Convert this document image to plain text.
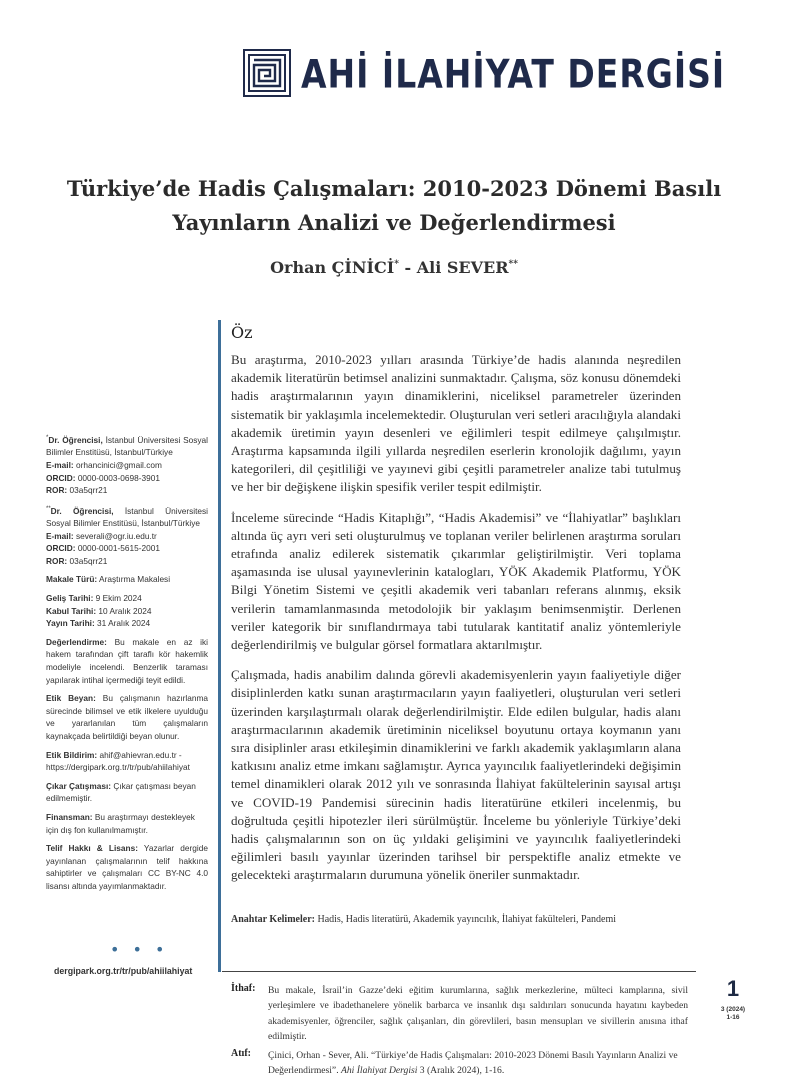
AHİ İLAHİYAT DERGİSİ
Türkiye’de Hadis Çalışmaları: 2010-2023 Dönemi Basılı Yayınların Analizi ve Değerlendirmesi
Orhan ÇİNİCİ* - Ali SEVER**

*Dr. Öğrencisi, İstanbul Üniversitesi Sosyal Bilimler Enstitüsü, İstanbul/Türkiye
E-mail: orhancinici@gmail.com
ORCID: 0000-0003-0698-3901
ROR: 03a5qrr21

**Dr. Öğrencisi, İstanbul Üniversitesi Sosyal Bilimler Enstitüsü, İstanbul/Türkiye
E-mail: severali@ogr.iu.edu.tr
ORCID: 0000-0001-5615-2001
ROR: 03a5qrr21

Makale Türü: Araştırma Makalesi

Geliş Tarihi: 9 Ekim 2024
Kabul Tarihi: 10 Aralık 2024
Yayın Tarihi: 31 Aralık 2024

Değerlendirme: Bu makale en az iki hakem tarafından çift taraflı kör hakemlik modeliyle incelendi. Benzerlik taraması yapılarak intihal içermediği teyit edildi.

Etik Beyan: Bu çalışmanın hazırlanma sürecinde bilimsel ve etik ilkelere uyulduğu ve yararlanılan tüm çalışmaların kaynakçada belirtildiği beyan olunur.

Etik Bildirim: ahif@ahievran.edu.tr - https://dergipark.org.tr/tr/pub/ahiilahiyat

Çıkar Çatışması: Çıkar çatışması beyan edilmemiştir.

Finansman: Bu araştırmayı destekleyek için dış fon kullanılmamıştır.

Telif Hakkı & Lisans: Yazarlar dergide yayınlanan çalışmalarının telif hakkına sahiptirler ve çalışmaları CC BY-NC 4.0 lisansı altında yayımlanmaktadır.

• • •
dergipark.org.tr/tr/pub/ahiilahiyat
Öz

Bu araştırma, 2010-2023 yılları arasında Türkiye’de hadis alanında neşredilen akademik literatürün betimsel analizini sunmaktadır. Çalışma, söz konusu dönemdeki hadis araştırmalarının yayın dinamiklerini, niceliksel parametreler üzerinden sistematik bir yaklaşımla incelemektedir. Oluşturulan veri setleri aracılığıyla alandaki akademik üretimin yayın desenleri ve eğilimleri tespit edilmeye çalışılmıştır. Araştırma kapsamında ilgili yıllarda neşredilen eserlerin kronolojik dağılımı, yayın kategorileri, dil çeşitliliği ve yayınevi gibi çeşitli parametreler analize tabi tutulmuş ve her bir değişkene ilişkin spesifik veriler tespit edilmiştir.

İnceleme sürecinde “Hadis Kitaplığı”, “Hadis Akademisi” ve “İlahiyatlar” başlıkları altında üç ayrı veri seti oluşturulmuş ve toplanan veriler belirlenen araştırma soruları etrafında analiz edilerek sistematik çıkarımlar geliştirilmiştir. Veri toplama aşamasında ise ulusal yayınevlerinin katalogları, YÖK Akademik Platformu, YÖK Bilgi Yönetim Sistemi ve çeşitli akademik veri tabanları referans alınmış, eksik verilerin tamamlanmasında metodolojik bir yaklaşım benimsenmiştir. Derlenen veriler kategorik bir sınıflandırmaya tabi tutularak kantitatif analiz yöntemleriyle değerlendirilmiş ve bulgular görsel formatlara aktarılmıştır.

Çalışmada, hadis anabilim dalında görevli akademisyenlerin yayın faaliyetiyle diğer disiplinlerden katkı sunan araştırmacıların yayın faaliyetleri, oluşturulan veri setleri üzerinden karşılaştırmalı olarak değerlendirilmiştir. Elde edilen bulgular, hadis alanı araştırmacılarının akademik üretiminin niceliksel boyutunu ortaya koymanın yanı sıra disiplinler arası etkileşimin dinamiklerini ve farklı akademik yaklaşımların alana katkısını analiz etme imkanı sağlamıştır. Ayrıca yayıncılık faaliyetlerindeki değişimin temel dinamikleri olarak 2012 yılı ve sonrasında İlahiyat fakültelerinin sayısal artışı ve COVID-19 Pandemisi sürecinin hadis literatürüne etkileri incelenmiş, bu doğrultuda çeşitli hipotezler ileri sürülmüştür. İnceleme bu yönleriyle Türkiye’deki hadis çalışmalarının son on üç yıldaki gelişimini ve yayıncılık faaliyetlerindeki eğilimleri basılı yayınlar üzerinden tarihsel bir perspektifle analiz etmekte ve gelecekteki araştırmaların durumuna yönelik öneriler sunmaktadır.

Anahtar Kelimeler: Hadis, Hadis literatürü, Akademik yayıncılık, İlahiyat fakülteleri, Pandemi
İthaf: Bu makale, İsrail’in Gazze’deki eğitim kurumlarına, sağlık merkezlerine, mülteci kamplarına, sivil yerleşimlere ve ibadethanelere yönelik barbarca ve insanlık dışı saldırıları sonucunda hayatını kaybeden akademisyenler, öğrenciler, sağlık çalışanları, din görevlileri, basın mensupları ve sivillerin anısına ithaf edilmiştir.
Atıf: Çinici, Orhan - Sever, Ali. “Türkiye’de Hadis Çalışmaları: 2010-2023 Dönemi Basılı Yayınların Analizi ve Değerlendirmesi”. Ahi İlahiyat Dergisi 3 (Aralık 2024), 1-16.
1
3 (2024)
1-16
